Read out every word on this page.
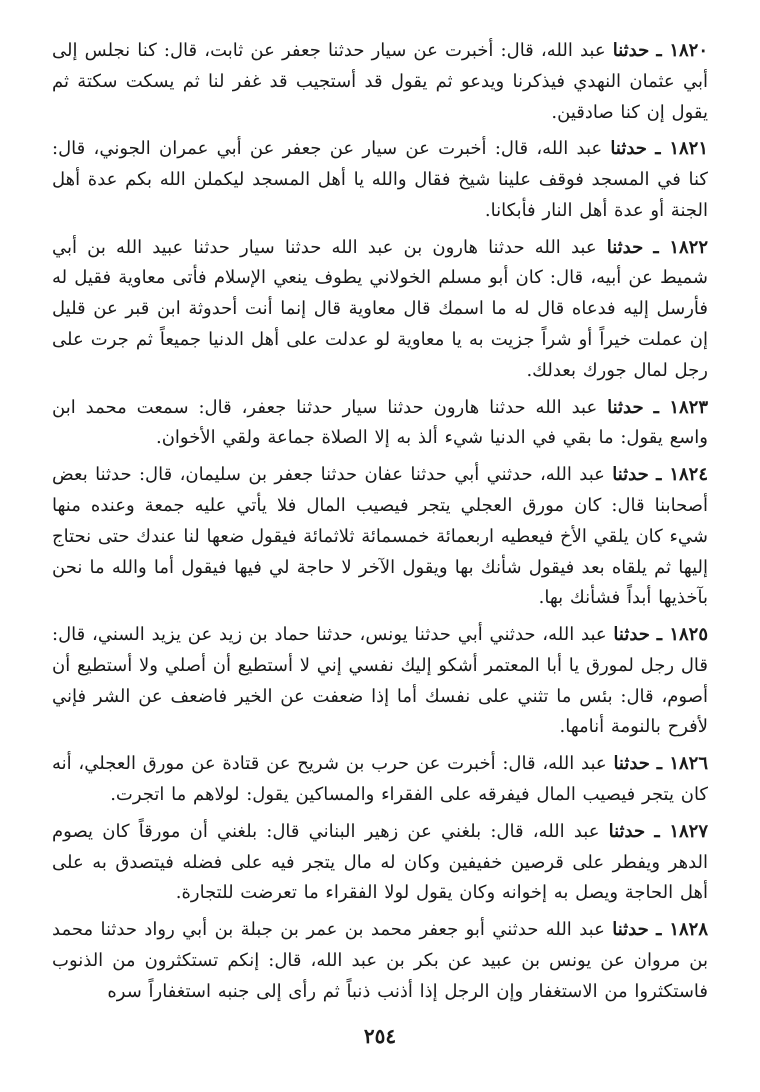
١٨٢٠ ـ حدثنا عبد الله، قال: أخبرت عن سيار حدثنا جعفر عن ثابت، قال: كنا نجلس إلى أبي عثمان النهدي فيذكرنا ويدعو ثم يقول قد أستجيب قد غفر لنا ثم يسكت سكتة ثم يقول إن كنا صادقين.

١٨٢١ ـ حدثنا عبد الله، قال: أخبرت عن سيار عن جعفر عن أبي عمران الجوني، قال: كنا في المسجد فوقف علينا شيخ فقال والله يا أهل المسجد ليكملن الله بكم عدة أهل الجنة أو عدة أهل النار فأبكانا.

١٨٢٢ ـ حدثنا عبد الله حدثنا هارون بن عبد الله حدثنا سيار حدثنا عبيد الله بن أبي شميط عن أبيه، قال: كان أبو مسلم الخولاني يطوف ينعي الإسلام فأتى معاوية فقيل له فأرسل إليه فدعاه قال له ما اسمك قال معاوية قال إنما أنت أحدوثة ابن قبر عن قليل إن عملت خيراً أو شراً جزيت به يا معاوية لو عدلت على أهل الدنيا جميعاً ثم جرت على رجل لمال جورك بعدلك.

١٨٢٣ ـ حدثنا عبد الله حدثنا هارون حدثنا سيار حدثنا جعفر، قال: سمعت محمد ابن واسع يقول: ما بقي في الدنيا شيء ألذ به إلا الصلاة جماعة ولقي الأخوان.

١٨٢٤ ـ حدثنا عبد الله، حدثني أبي حدثنا عفان حدثنا جعفر بن سليمان، قال: حدثنا بعض أصحابنا قال: كان مورق العجلي يتجر فيصيب المال فلا يأتي عليه جمعة وعنده منها شيء كان يلقي الأخ فيعطيه اربعمائة خمسمائة ثلاثمائة فيقول ضعها لنا عندك حتى نحتاج إليها ثم يلقاه بعد فيقول شأنك بها ويقول الآخر لا حاجة لي فيها فيقول أما والله ما نحن بآخذيها أبداً فشأنك بها.

١٨٢٥ ـ حدثنا عبد الله، حدثني أبي حدثنا يونس، حدثنا حماد بن زيد عن يزيد السني، قال: قال رجل لمورق يا أبا المعتمر أشكو إليك نفسي إني لا أستطيع أن أصلي ولا أستطيع أن أصوم، قال: بئس ما تثني على نفسك أما إذا ضعفت عن الخير فاضعف عن الشر فإني لأفرح بالنومة أنامها.

١٨٢٦ ـ حدثنا عبد الله، قال: أخبرت عن حرب بن شريح عن قتادة عن مورق العجلي، أنه كان يتجر فيصيب المال فيفرقه على الفقراء والمساكين يقول: لولاهم ما اتجرت.

١٨٢٧ ـ حدثنا عبد الله، قال: بلغني عن زهير البناني قال: بلغني أن مورقاً كان يصوم الدهر ويفطر على قرصين خفيفين وكان له مال يتجر فيه على فضله فيتصدق به على أهل الحاجة ويصل به إخوانه وكان يقول لولا الفقراء ما تعرضت للتجارة.

١٨٢٨ ـ حدثنا عبد الله حدثني أبو جعفر محمد بن عمر بن جبلة بن أبي رواد حدثنا محمد بن مروان عن يونس بن عبيد عن بكر بن عبد الله، قال: إنكم تستكثرون من الذنوب فاستكثروا من الاستغفار وإن الرجل إذا أذنب ذنباً ثم رأى إلى جنبه استغفاراً سره

٢٥٤
